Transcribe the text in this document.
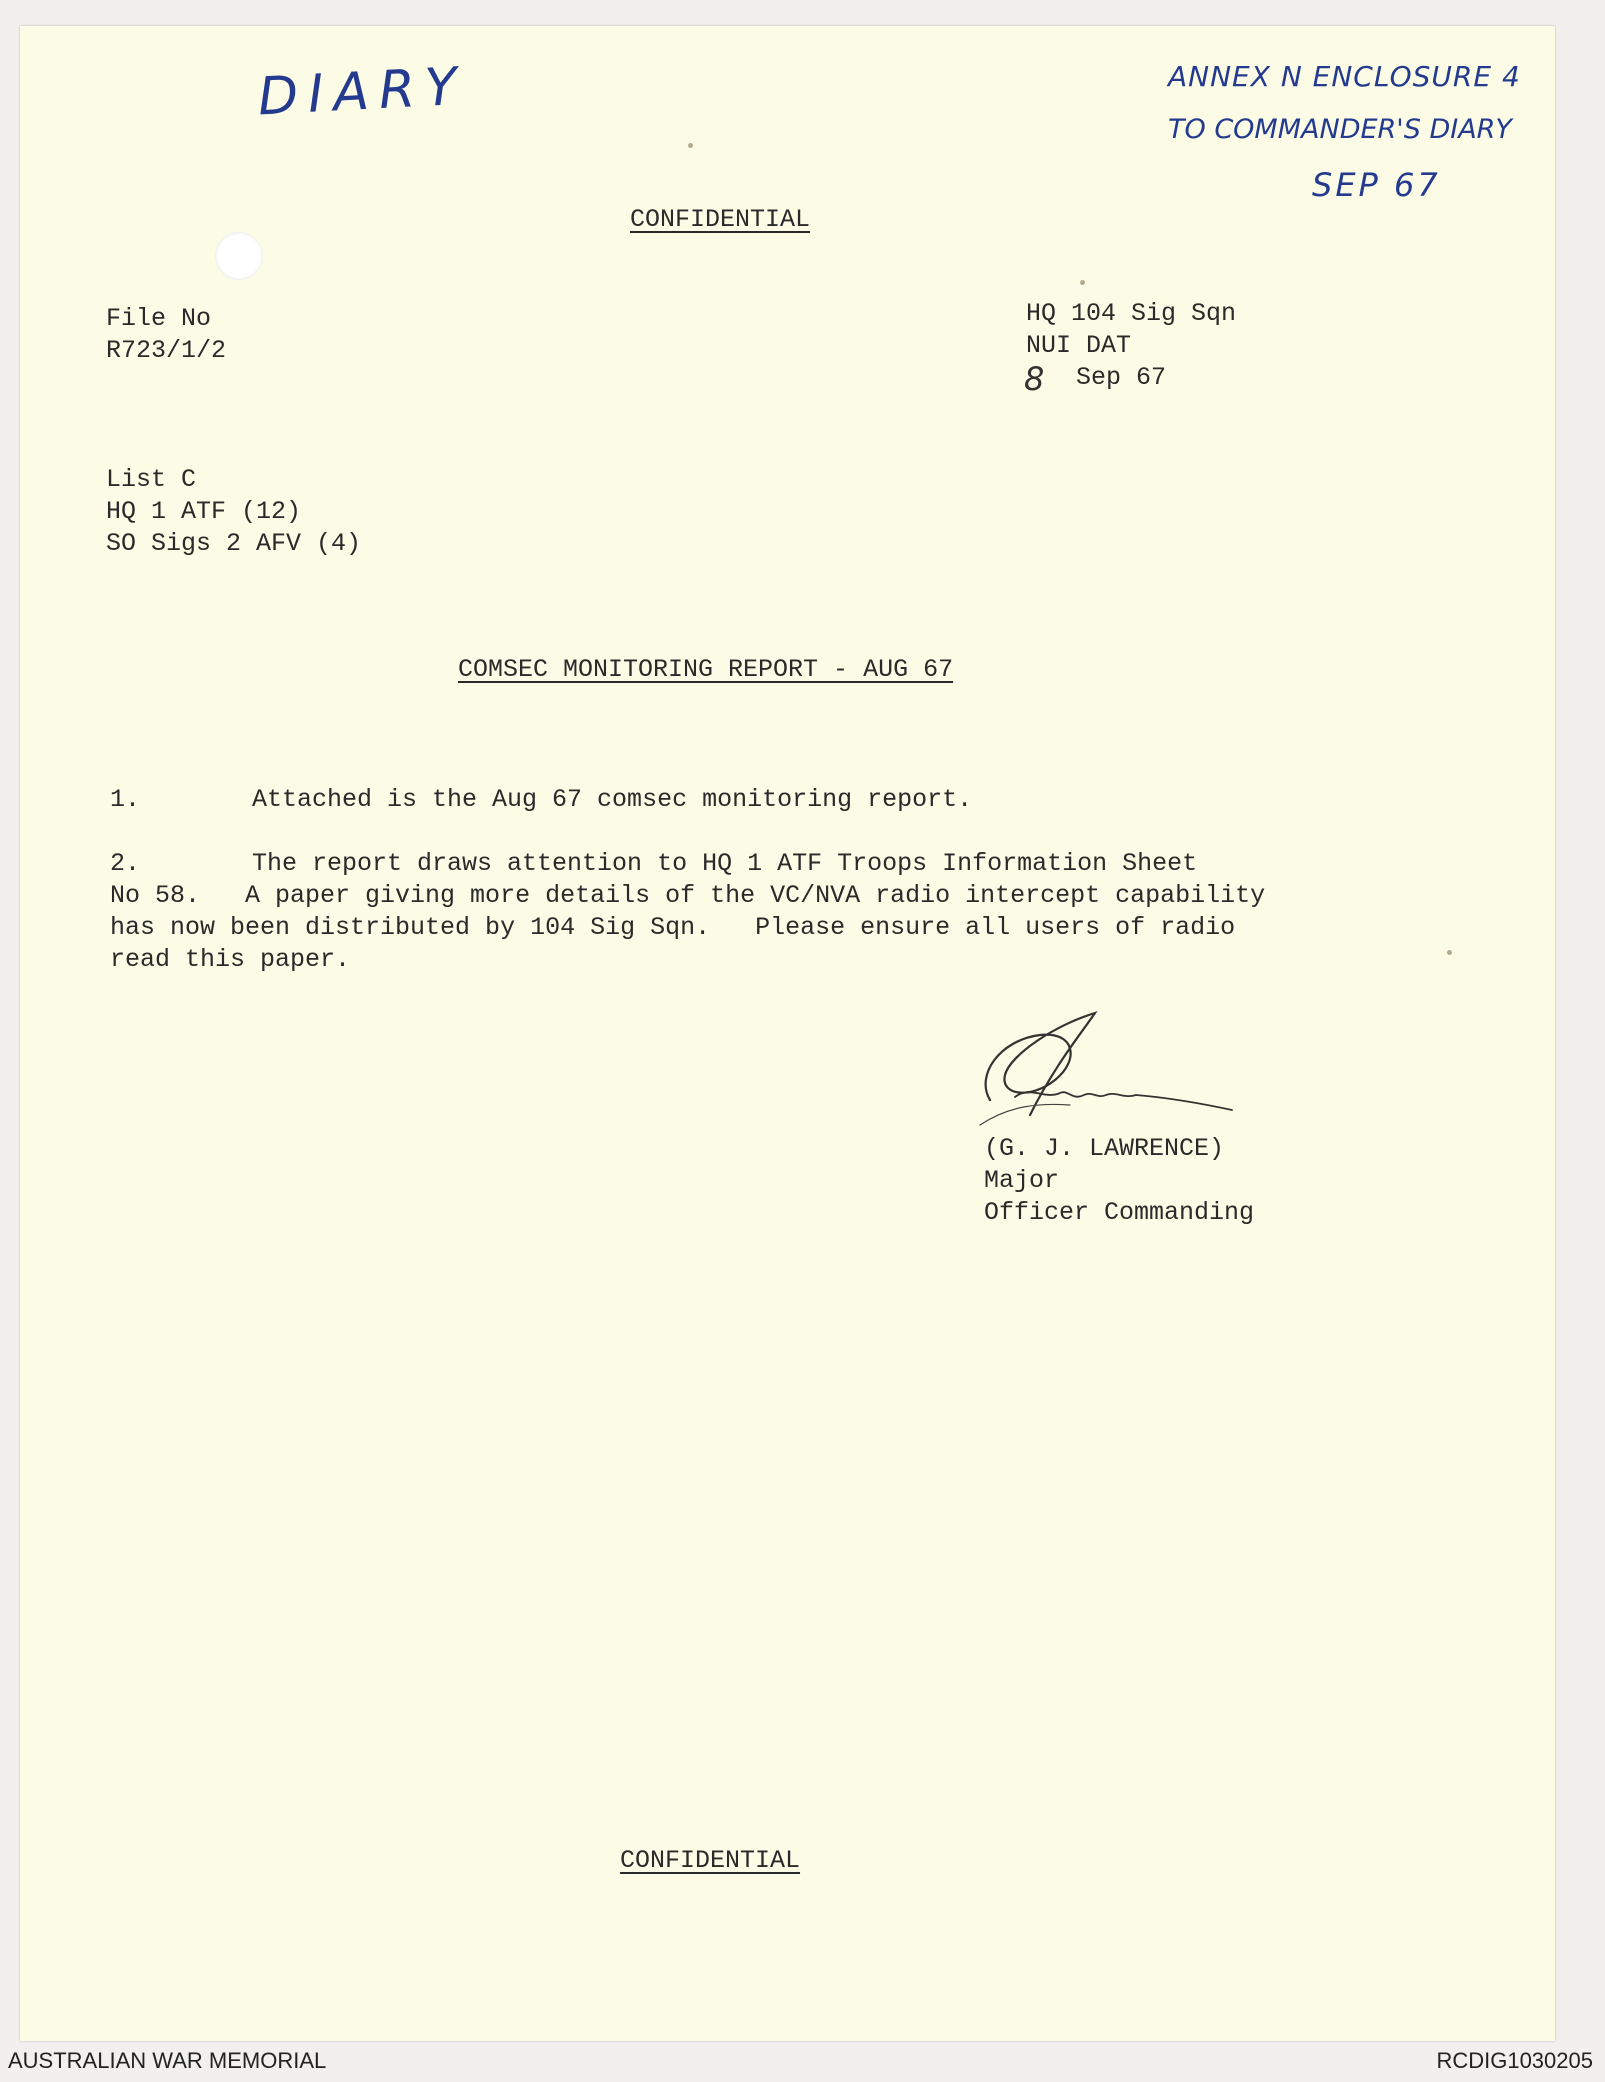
DIARY	ANNEX N ENCLOSURE 4
TO COMMANDER'S DIARY
SEP 67
CONFIDENTIAL
File No
R723/1/2
HQ 104 Sig Sqn
NUI DAT
8 Sep 67
List C
HQ 1 ATF (12)
SO Sigs 2 AFV (4)
COMSEC MONITORING REPORT - AUG 67
1.	Attached is the Aug 67 comsec monitoring report.
2.	The report draws attention to HQ 1 ATF Troops Information Sheet
No 58.   A paper giving more details of the VC/NVA radio intercept capability
has now been distributed by 104 Sig Sqn.   Please ensure all users of radio
read this paper.
(G. J. LAWRENCE)
Major
Officer Commanding
CONFIDENTIAL
AUSTRALIAN WAR MEMORIAL	RCDIG1030205
